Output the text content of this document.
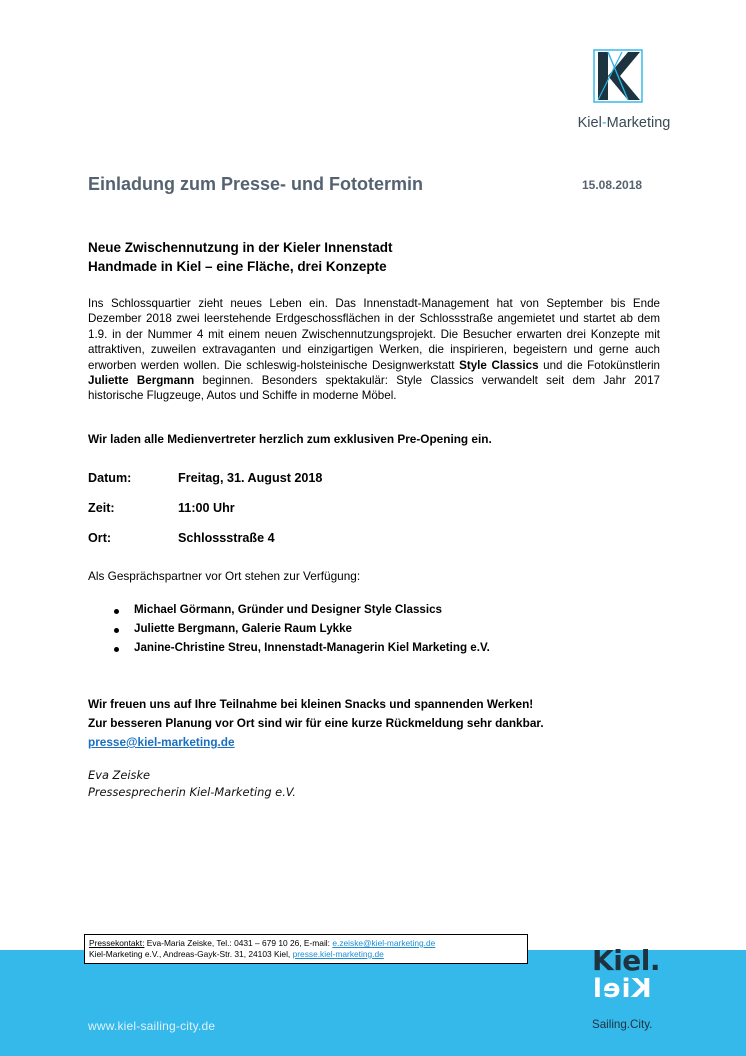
Kiel-Marketing
Einladung zum Presse- und Fototermin	15.08.2018
Neue Zwischennutzung in der Kieler Innenstadt
Handmade in Kiel – eine Fläche, drei Konzepte
Ins Schlossquartier zieht neues Leben ein. Das Innenstadt-Management hat von September bis Ende Dezember 2018 zwei leerstehende Erdgeschossflächen in der Schlossstraße angemietet und startet ab dem 1.9. in der Nummer 4 mit einem neuen Zwischennutzungsprojekt. Die Besucher erwarten drei Konzepte mit attraktiven, zuweilen extravaganten und einzigartigen Werken, die inspirieren, begeistern und gerne auch erworben werden wollen. Die schleswig-holsteinische Designwerkstatt Style Classics und die Fotokünstlerin Juliette Bergmann beginnen. Besonders spektakulär: Style Classics verwandelt seit dem Jahr 2017 historische Flugzeuge, Autos und Schiffe in moderne Möbel.
Wir laden alle Medienvertreter herzlich zum exklusiven Pre-Opening ein.
Datum:	Freitag, 31. August 2018
Zeit:	11:00 Uhr
Ort:	Schlossstraße 4
Als Gesprächspartner vor Ort stehen zur Verfügung:
Michael Görmann, Gründer und Designer Style Classics
Juliette Bergmann, Galerie Raum Lykke
Janine-Christine Streu, Innenstadt-Managerin Kiel Marketing e.V.
Wir freuen uns auf Ihre Teilnahme bei kleinen Snacks und spannenden Werken!
Zur besseren Planung vor Ort sind wir für eine kurze Rückmeldung sehr dankbar.
presse@kiel-marketing.de
Eva Zeiske
Pressesprecherin Kiel-Marketing e.V.
www.kiel-sailing-city.de
Pressekontakt: Eva-Maria Zeiske, Tel.: 0431 – 679 10 26, E-mail: e.zeiske@kiel-marketing.de
Kiel-Marketing e.V., Andreas-Gayk-Str. 31, 24103 Kiel, presse.kiel-marketing.de	Kiel.
Kiel
Sailing.City.
